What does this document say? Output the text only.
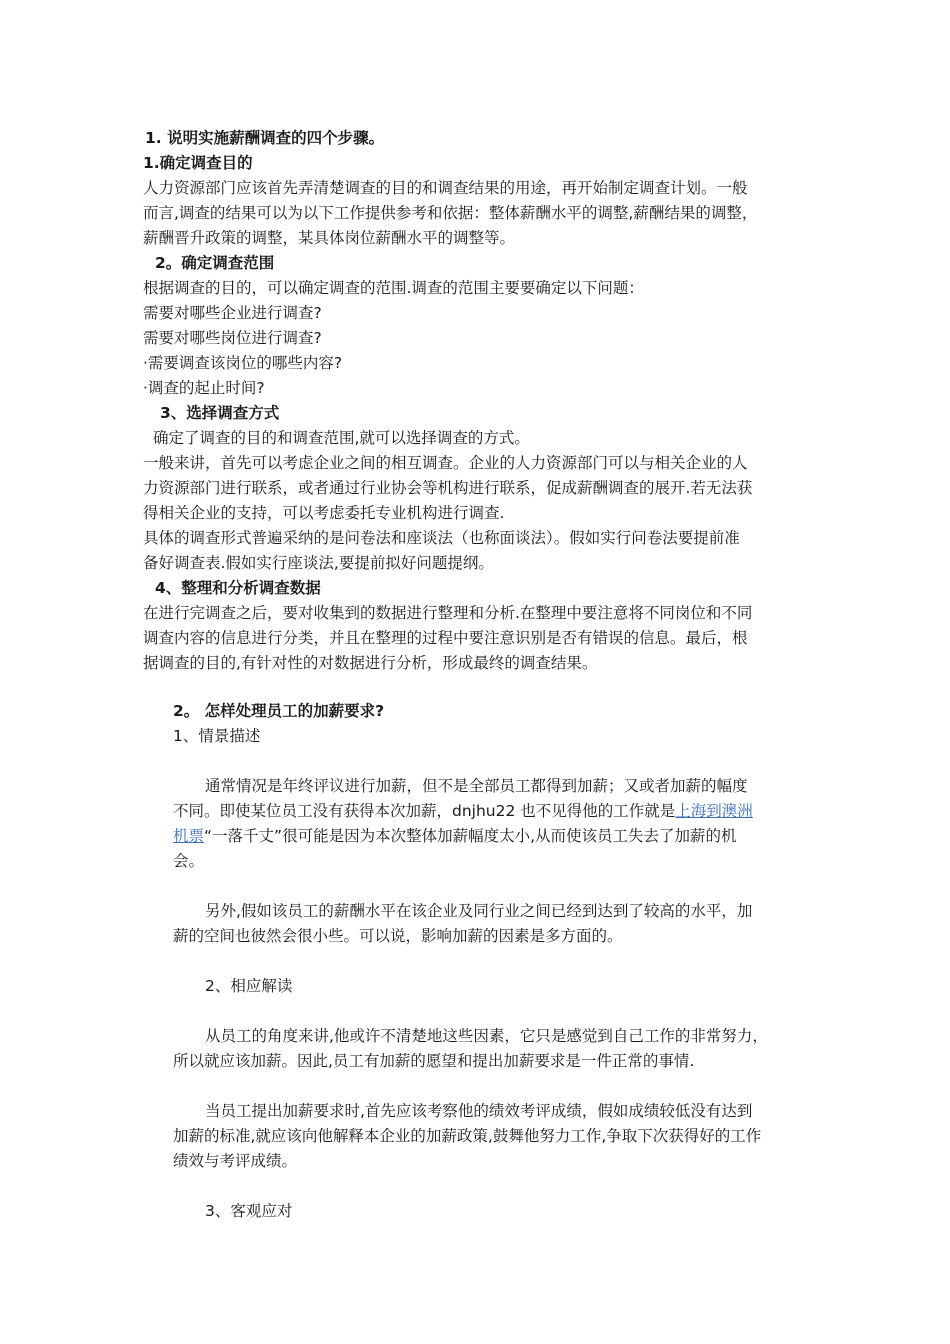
1. 说明实施薪酬调查的四个步骤。
1.确定调查目的
人力资源部门应该首先弄清楚调查的目的和调查结果的用途，再开始制定调查计划。一般
而言,调查的结果可以为以下工作提供参考和依据：整体薪酬水平的调整,薪酬结果的调整，
薪酬晋升政策的调整，某具体岗位薪酬水平的调整等。
2。确定调查范围
根据调查的目的，可以确定调查的范围.调查的范围主要要确定以下问题：
需要对哪些企业进行调查?
需要对哪些岗位进行调查?
·需要调查该岗位的哪些内容?
·调查的起止时间?
3、选择调查方式
确定了调查的目的和调查范围,就可以选择调查的方式。
一般来讲，首先可以考虑企业之间的相互调查。企业的人力资源部门可以与相关企业的人
力资源部门进行联系，或者通过行业协会等机构进行联系，促成薪酬调查的展开.若无法获
得相关企业的支持，可以考虑委托专业机构进行调查.
具体的调查形式普遍采纳的是问卷法和座谈法（也称面谈法）。假如实行问卷法要提前准
备好调查表.假如实行座谈法,要提前拟好问题提纲。
4、整理和分析调查数据
在进行完调查之后，要对收集到的数据进行整理和分析.在整理中要注意将不同岗位和不同
调查内容的信息进行分类，并且在整理的过程中要注意识别是否有错误的信息。最后，根
据调查的目的,有针对性的对数据进行分析，形成最终的调查结果。
2。 怎样处理员工的加薪要求?
1、情景描述
通常情况是年终评议进行加薪，但不是全部员工都得到加薪；又或者加薪的幅度
不同。即使某位员工没有获得本次加薪，dnjhu22 也不见得他的工作就是上海到澳洲
机票“一落千丈”很可能是因为本次整体加薪幅度太小,从而使该员工失去了加薪的机
会。
另外,假如该员工的薪酬水平在该企业及同行业之间已经到达到了较高的水平，加
薪的空间也彼然会很小些。可以说，影响加薪的因素是多方面的。
2、相应解读
从员工的角度来讲,他或许不清楚地这些因素，它只是感觉到自己工作的非常努力，
所以就应该加薪。因此,员工有加薪的愿望和提出加薪要求是一件正常的事情.
当员工提出加薪要求时,首先应该考察他的绩效考评成绩，假如成绩较低没有达到
加薪的标准,就应该向他解释本企业的加薪政策,鼓舞他努力工作,争取下次获得好的工作
绩效与考评成绩。
3、客观应对
